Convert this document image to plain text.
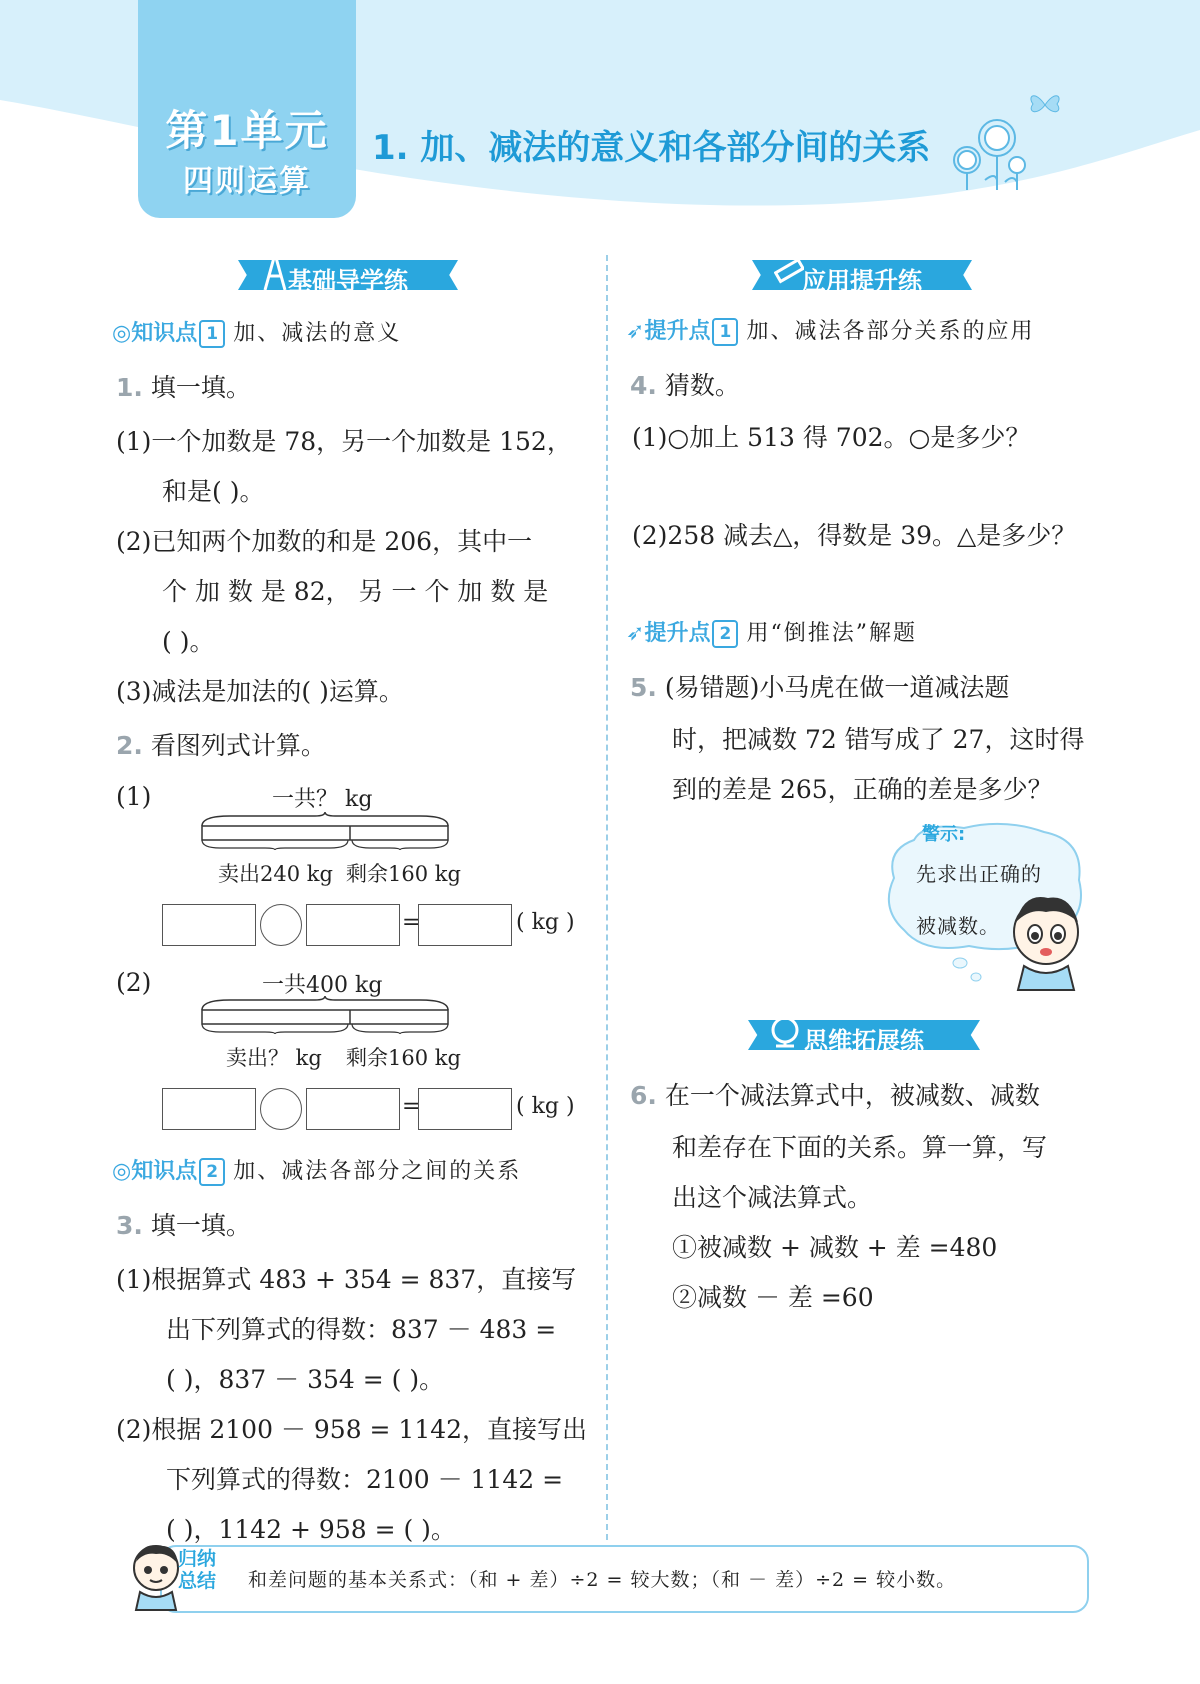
第1单元
四则运算
1. 加、减法的意义和各部分间的关系
基础导学练
◎知识点 1 加、减法的意义
1. 填一填。
(1)一个加数是 78，另一个加数是 152，
和是( )。
(2)已知两个加数的和是 206，其中一
个 加 数 是 82， 另 一 个 加 数 是
( )。
(3)减法是加法的( )运算。
2. 看图列式计算。
(1)	一共？ kg
卖出240 kg 剩余160 kg
=	( kg )
(2)	一共400 kg
卖出？ kg 剩余160 kg
=	( kg )
◎知识点 2 加、减法各部分之间的关系
3. 填一填。
(1)根据算式 483 + 354 = 837，直接写
出下列算式的得数：837 － 483 =
( )，837 － 354 = ( )。
(2)根据 2100 － 958 = 1142，直接写出
下列算式的得数：2100 － 1142 =
( )，1142 + 958 = ( )。
应用提升练
➶提升点 1 加、减法各部分关系的应用
4. 猜数。
(1)○加上 513 得 702。○是多少？
(2)258 减去△，得数是 39。△是多少？
➶提升点 2 用“倒推法”解题
5. (易错题)小马虎在做一道减法题
时，把减数 72 错写成了 27，这时得
到的差是 265，正确的差是多少？
警示:
先求出正确的
被减数。
思维拓展练
6. 在一个减法算式中，被减数、减数
和差存在下面的关系。算一算，写
出这个减法算式。
①被减数 + 减数 + 差 =480
②减数 － 差 =60
归纳
总结 和差问题的基本关系式：（和 + 差）÷2 = 较大数；（和 － 差）÷2 = 较小数。
